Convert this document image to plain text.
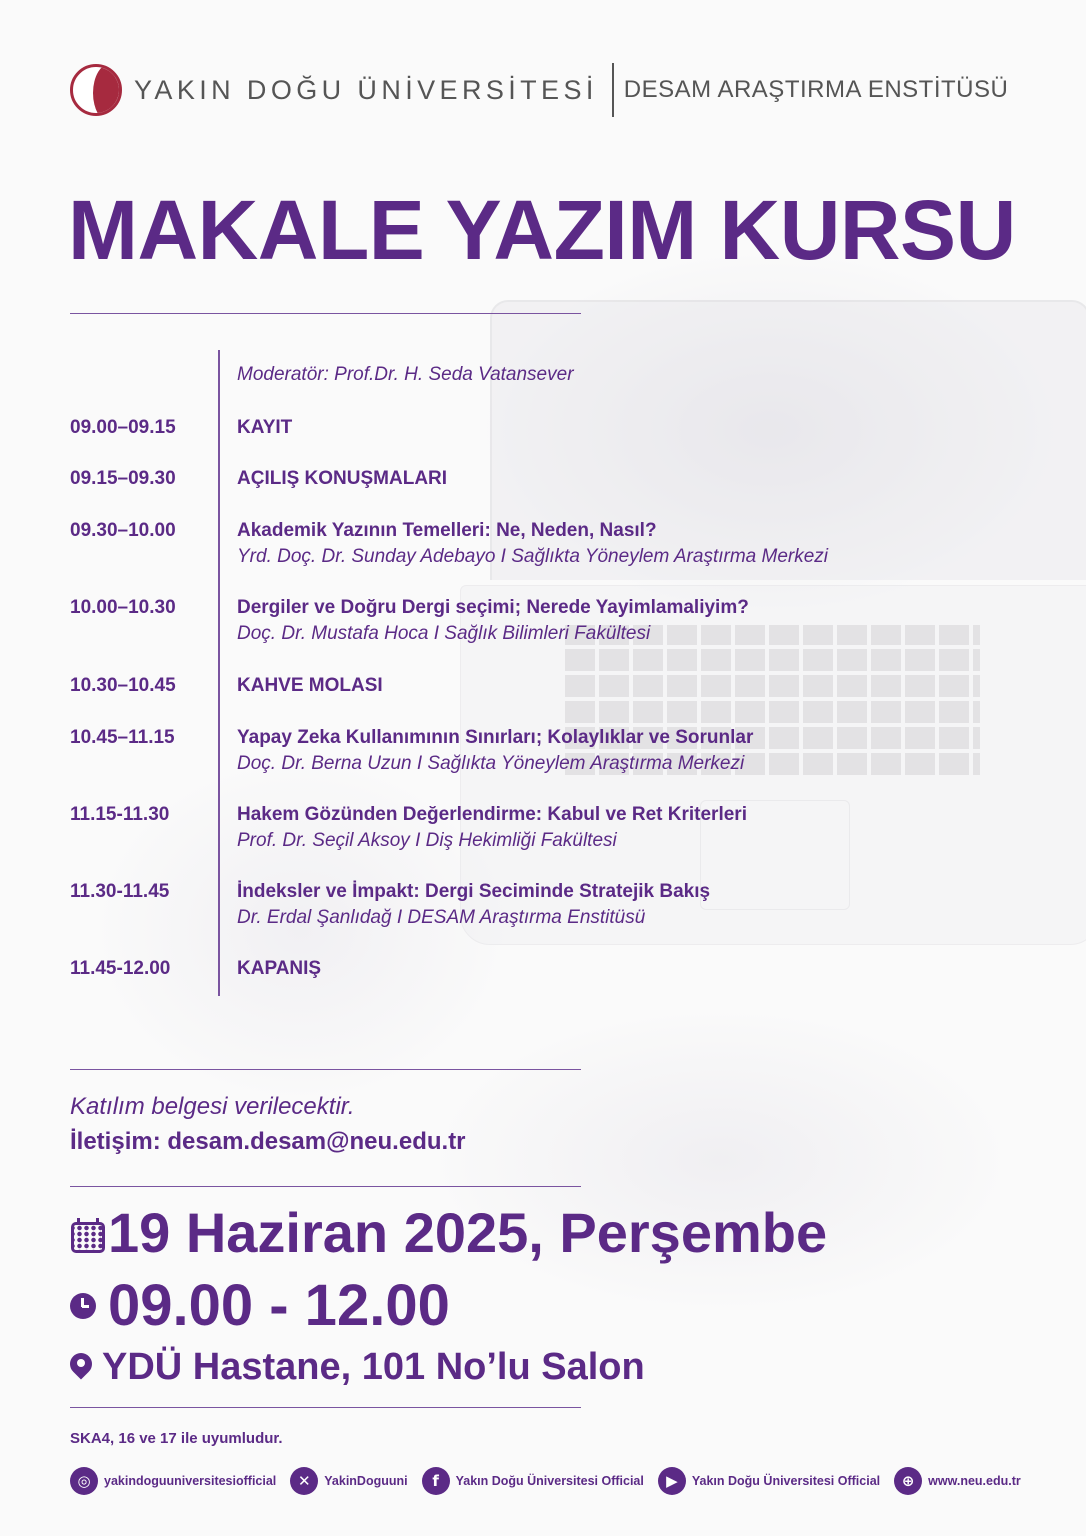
YAKIN DOĞU ÜNİVERSİTESİ DESAM ARAŞTIRMA ENSTİTÜSÜ
MAKALE YAZIM KURSU
Moderatör: Prof.Dr. H. Seda Vatansever
09.00–09.15	KAYIT
09.15–09.30	AÇILIŞ KONUŞMALARI
09.30–10.00	Akademik Yazının Temelleri: Ne, Neden, Nasıl?
Yrd. Doç. Dr. Sunday Adebayo I Sağlıkta Yöneylem Araştırma Merkezi
10.00–10.30	Dergiler ve Doğru Dergi seçimi; Nerede Yayimlamaliyim?
Doç. Dr. Mustafa Hoca I Sağlık Bilimleri Fakültesi
10.30–10.45	KAHVE MOLASI
10.45–11.15	Yapay Zeka Kullanımının Sınırları; Kolaylıklar ve Sorunlar
Doç. Dr. Berna Uzun I Sağlıkta Yöneylem Araştırma Merkezi
11.15-11.30	Hakem Gözünden Değerlendirme: Kabul ve Ret Kriterleri
Prof. Dr. Seçil Aksoy I Diş Hekimliği Fakültesi
11.30-11.45	İndeksler ve İmpakt: Dergi Seciminde Stratejik Bakış
Dr. Erdal Şanlıdağ I DESAM Araştırma Enstitüsü
11.45-12.00	KAPANIŞ
Katılım belgesi verilecektir.
İletişim: desam.desam@neu.edu.tr
19 Haziran 2025, Perşembe
09.00 - 12.00
YDÜ Hastane, 101 No’lu Salon
SKA4, 16 ve 17 ile uyumludur.
◎	yakindoguuniversitesiofficial	✕	YakinDoguuni	f	Yakın Doğu Üniversitesi Official	▶	Yakın Doğu Üniversitesi Official	⊕	www.neu.edu.tr
